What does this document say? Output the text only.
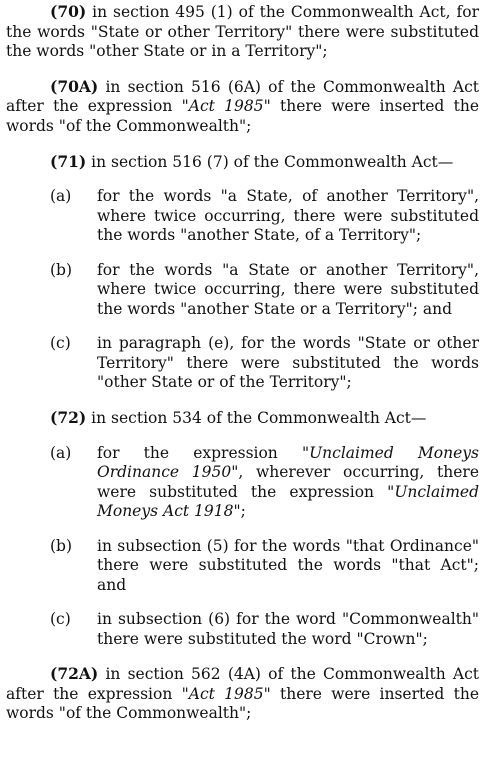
(70) in section 495 (1) of the Commonwealth Act, for the words "State or other Territory" there were substituted the words "other State or in a Territory";

(70A) in section 516 (6A) of the Commonwealth Act after the expression "Act 1985" there were inserted the words "of the Commonwealth";

(71) in section 516 (7) of the Commonwealth Act—

(a)	for the words "a State, of another Territory", where twice occurring, there were substituted the words "another State, of a Territory";
(b)	for the words "a State or another Territory", where twice occurring, there were substituted the words "another State or a Territory"; and
(c)	in paragraph (e), for the words "State or other Territory" there were substituted the words "other State or of the Territory";

(72) in section 534 of the Commonwealth Act—

(a)	for the expression "Unclaimed Moneys Ordinance 1950", wherever occurring, there were substituted the expression "Unclaimed Moneys Act 1918";
(b)	in subsection (5) for the words "that Ordinance" there were substituted the words "that Act"; and
(c)	in subsection (6) for the word "Commonwealth" there were substituted the word "Crown";

(72A) in section 562 (4A) of the Commonwealth Act after the expression "Act 1985" there were inserted the words "of the Commonwealth";
